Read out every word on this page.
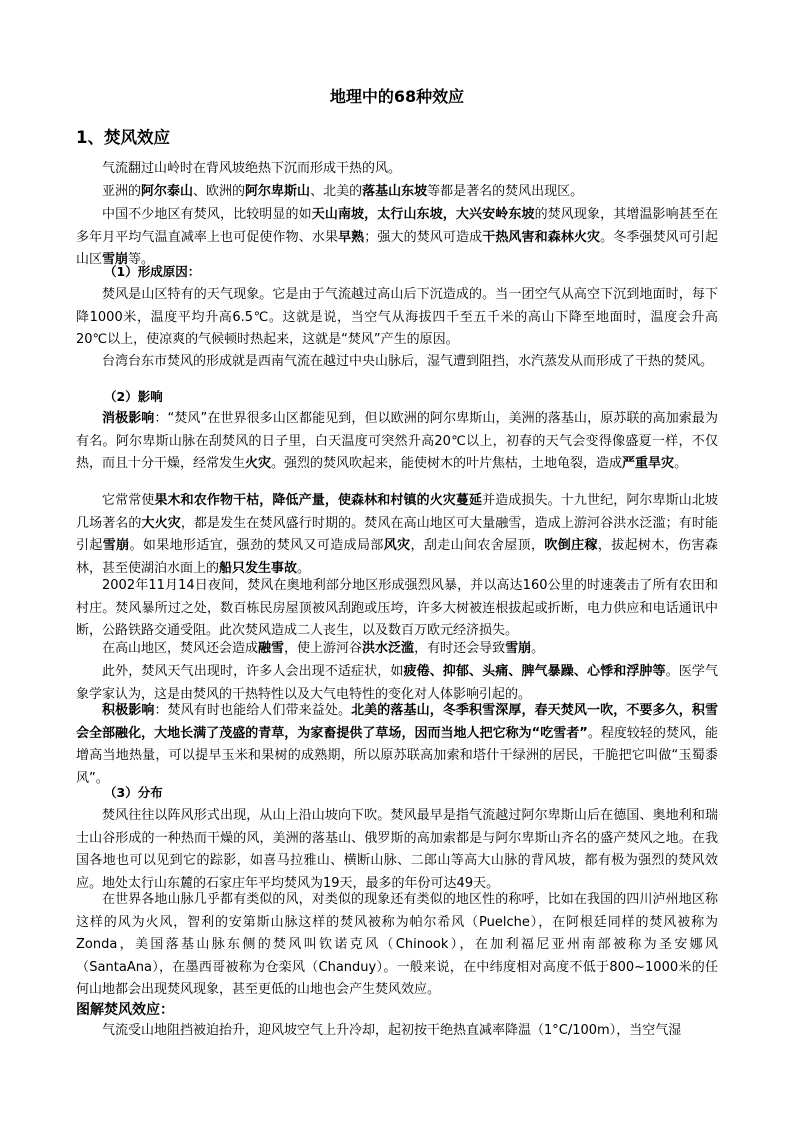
地理中的68种效应
1、焚风效应
气流翻过山岭时在背风坡绝热下沉而形成干热的风。
亚洲的阿尔泰山、欧洲的阿尔卑斯山、北美的落基山东坡等都是著名的焚风出现区。
中国不少地区有焚风，比较明显的如天山南坡，太行山东坡，大兴安岭东坡的焚风现象，其增温影响甚至在多年月平均气温直减率上也可促使作物、水果早熟；强大的焚风可造成干热风害和森林火灾。冬季强焚风可引起山区雪崩等。
（1）形成原因：
焚风是山区特有的天气现象。它是由于气流越过高山后下沉造成的。当一团空气从高空下沉到地面时，每下降1000米，温度平均升高6.5℃。这就是说，当空气从海拔四千至五千米的高山下降至地面时，温度会升高20℃以上，使凉爽的气候顿时热起来，这就是“焚风”产生的原因。
台湾台东市焚风的形成就是西南气流在越过中央山脉后，湿气遭到阻挡，水汽蒸发从而形成了干热的焚风。
（2）影响
消极影响：“焚风”在世界很多山区都能见到，但以欧洲的阿尔卑斯山，美洲的落基山，原苏联的高加索最为有名。阿尔卑斯山脉在刮焚风的日子里，白天温度可突然升高20℃以上，初春的天气会变得像盛夏一样，不仅热，而且十分干燥，经常发生火灾。强烈的焚风吹起来，能使树木的叶片焦枯，土地龟裂，造成严重旱灾。
它常常使果木和农作物干枯，降低产量，使森林和村镇的火灾蔓延并造成损失。十九世纪，阿尔卑斯山北坡几场著名的大火灾，都是发生在焚风盛行时期的。焚风在高山地区可大量融雪，造成上游河谷洪水泛滥；有时能引起雪崩。如果地形适宜，强劲的焚风又可造成局部风灾，刮走山间农舍屋顶，吹倒庄稼，拔起树木，伤害森林，甚至使湖泊水面上的船只发生事故。
2002年11月14日夜间，焚风在奥地利部分地区形成强烈风暴，并以高达160公里的时速袭击了所有农田和村庄。焚风暴所过之处，数百栋民房屋顶被风刮跑或压垮，许多大树被连根拔起或折断，电力供应和电话通讯中断，公路铁路交通受阻。此次焚风造成二人丧生，以及数百万欧元经济损失。
在高山地区，焚风还会造成融雪，使上游河谷洪水泛滥，有时还会导致雪崩。
此外，焚风天气出现时，许多人会出现不适症状，如疲倦、抑郁、头痛、脾气暴躁、心悸和浮肿等。医学气象学家认为，这是由焚风的干热特性以及大气电特性的变化对人体影响引起的。
积极影响：焚风有时也能给人们带来益处。北美的落基山，冬季积雪深厚，春天焚风一吹，不要多久，积雪会全部融化，大地长满了茂盛的青草，为家畜提供了草场，因而当地人把它称为“吃雪者”。程度较轻的焚风，能增高当地热量，可以提早玉米和果树的成熟期，所以原苏联高加索和塔什干绿洲的居民，干脆把它叫做“玉蜀黍风”。
（3）分布
焚风往往以阵风形式出现，从山上沿山坡向下吹。焚风最早是指气流越过阿尔卑斯山后在德国、奥地利和瑞士山谷形成的一种热而干燥的风，美洲的落基山、俄罗斯的高加索都是与阿尔卑斯山齐名的盛产焚风之地。在我国各地也可以见到它的踪影，如喜马拉雅山、横断山脉、二郎山等高大山脉的背风坡，都有极为强烈的焚风效应。地处太行山东麓的石家庄年平均焚风为19天，最多的年份可达49天。
在世界各地山脉几乎都有类似的风，对类似的现象还有类似的地区性的称呼，比如在我国的四川泸州地区称这样的风为火风，智利的安第斯山脉这样的焚风被称为帕尔希风（Puelche），在阿根廷同样的焚风被称为Zonda，美国落基山脉东侧的焚风叫钦诺克风（Chinook），在加利福尼亚州南部被称为圣安娜风（SantaAna），在墨西哥被称为仓栾风（Chanduy）。一般来说，在中纬度相对高度不低于800~1000米的任何山地都会出现焚风现象，甚至更低的山地也会产生焚风效应。
图解焚风效应：
气流受山地阻挡被迫抬升，迎风坡空气上升冷却，起初按干绝热直减率降温（1°C/100m），当空气湿
